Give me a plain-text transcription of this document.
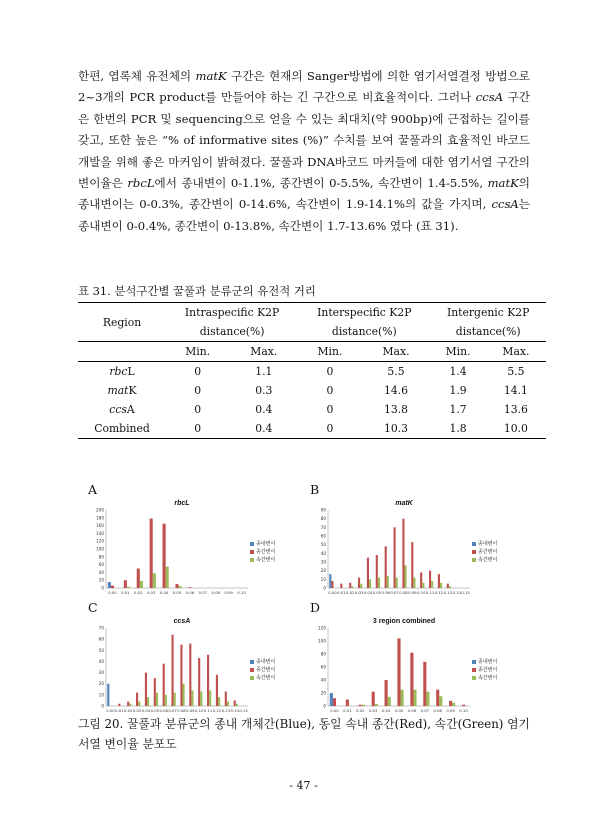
한편, 엽록체 유전체의 matK 구간은 현재의 Sanger방법에 의한 염기서열결정 방법으로 2~3개의 PCR product를 만들어야 하는 긴 구간으로 비효율적이다. 그러나 ccsA 구간은 한번의 PCR 및 sequencing으로 얻을 수 있는 최대치(약 900bp)에 근접하는 길이를 갖고, 또한 높은 “% of informative sites (%)” 수치를 보여 꿀풀과의 효율적인 바코드 개발을 위해 좋은 마커임이 밝혀졌다. 꿀풀과 DNA바코드 마커들에 대한 염기서열 구간의 변이율은 rbcL에서 종내변이 0-1.1%, 종간변이 0-5.5%, 속간변이 1.4-5.5%, matK의 종내변이는 0-0.3%, 종간변이 0-14.6%, 속간변이 1.9-14.1%의 값을 가지며, ccsA는 종내변이 0-0.4%, 종간변이 0-13.8%, 속간변이 1.7-13.6% 였다 (표 31).

표 31. 분석구간별 꿀풀과 분류군의 유전적 거리

Region	Intraspecific K2P		Interspecific K2P		Intergenic K2P	
	distance(%)		distance(%)		distance(%)	
	Min.	Max.	Min.	Max.	Min.	Max.
rbcL	0	1.1	0	5.5	1.4	5.5
matK	0	0.3	0	14.6	1.9	14.1
ccsA	0	0.4	0	13.8	1.7	13.6
Combined	0	0.4	0	10.3	1.8	10.0
A	B
C	D
rbcL
0
20
40
60
80
100
120
140
160
180
200
0.00 0.01 0.02 0.03 0.04 0.05 0.06 0.07 0.08 0.09 0.10
종내변이
종간변이
속간변이
matK
0
10
20
30
40
50
60
70
80
90
0.00 0.01 0.02 0.03 0.04 0.05 0.06 0.07 0.08 0.09 0.10 0.11 0.12 0.13 0.14 0.15
종내변이
종간변이
속간변이
ccsA
0
10
20
30
40
50
60
70
0.00 0.01 0.02 0.03 0.04 0.05 0.06 0.07 0.08 0.09 0.10 0.11 0.12 0.13 0.14 0.15
종내변이
종간변이
속간변이
3 region combined
0
20
40
60
80
100
120
0.00 0.01 0.02 0.03 0.04 0.05 0.06 0.07 0.08 0.09 0.10
종내변이
종간변이
속간변이

그림 20. 꿀풀과 분류군의 종내 개체간(Blue), 동일 속내 종간(Red), 속간(Green) 염기서열 변이율 분포도

- 47 -
